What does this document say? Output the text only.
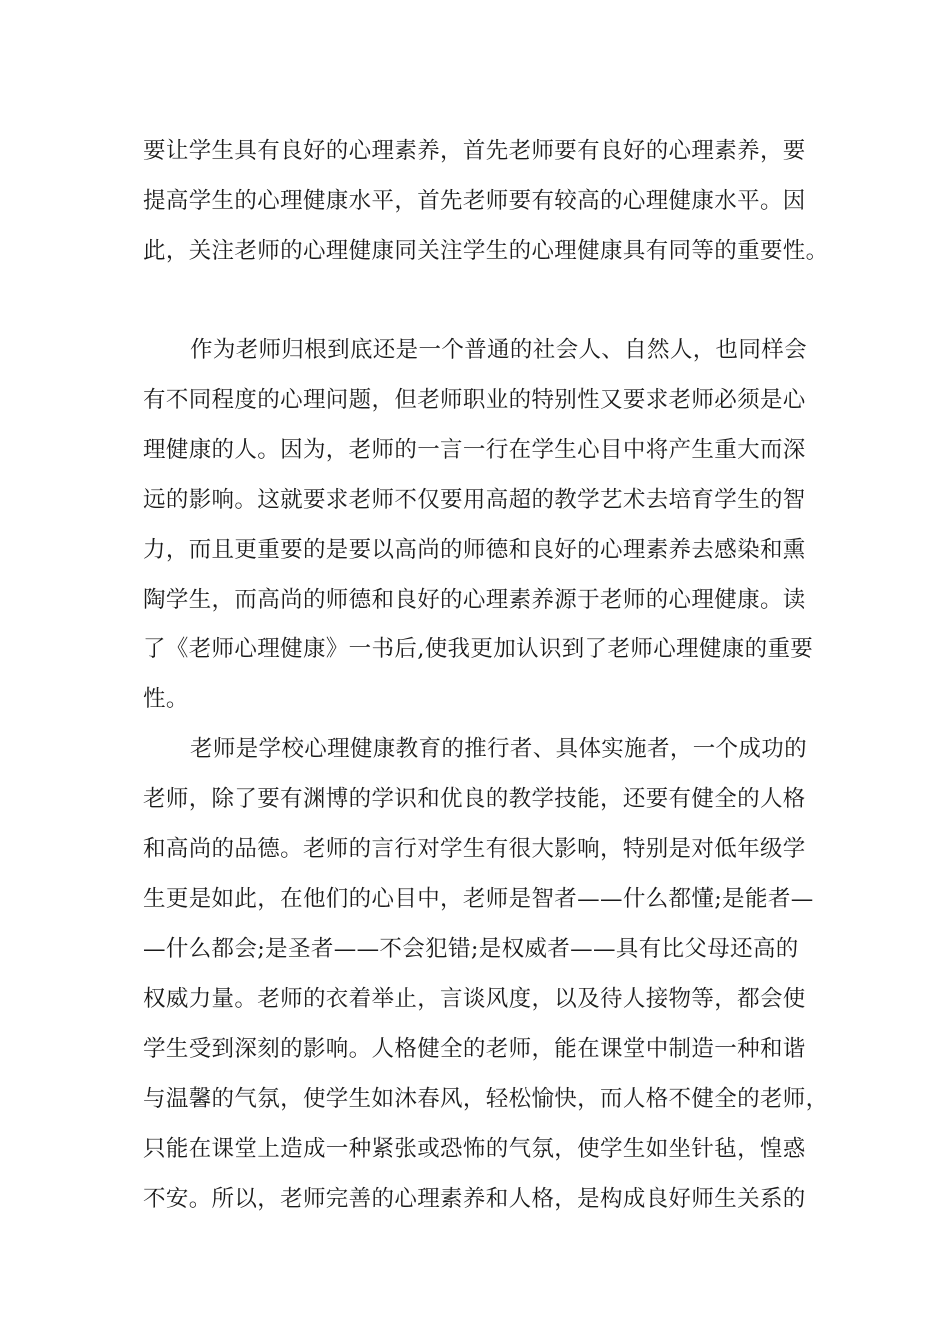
要让学生具有良好的心理素养，首先老师要有良好的心理素养，要

提高学生的心理健康水平，首先老师要有较高的心理健康水平。因

此，关注老师的心理健康同关注学生的心理健康具有同等的重要性。

作为老师归根到底还是一个普通的社会人、自然人，也同样会

有不同程度的心理问题，但老师职业的特别性又要求老师必须是心

理健康的人。因为，老师的一言一行在学生心目中将产生重大而深

远的影响。这就要求老师不仅要用高超的教学艺术去培育学生的智

力，而且更重要的是要以高尚的师德和良好的心理素养去感染和熏

陶学生，而高尚的师德和良好的心理素养源于老师的心理健康。读

了《老师心理健康》一书后,使我更加认识到了老师心理健康的重要

性。

老师是学校心理健康教育的推行者、具体实施者，一个成功的

老师，除了要有渊博的学识和优良的教学技能，还要有健全的人格

和高尚的品德。老师的言行对学生有很大影响，特别是对低年级学

生更是如此，在他们的心目中，老师是智者——什么都懂;是能者—

—什么都会;是圣者——不会犯错;是权威者——具有比父母还高的

权威力量。老师的衣着举止，言谈风度，以及待人接物等，都会使

学生受到深刻的影响。人格健全的老师，能在课堂中制造一种和谐

与温馨的气氛，使学生如沐春风，轻松愉快，而人格不健全的老师，

只能在课堂上造成一种紧张或恐怖的气氛，使学生如坐针毡，惶惑

不安。所以，老师完善的心理素养和人格，是构成良好师生关系的
